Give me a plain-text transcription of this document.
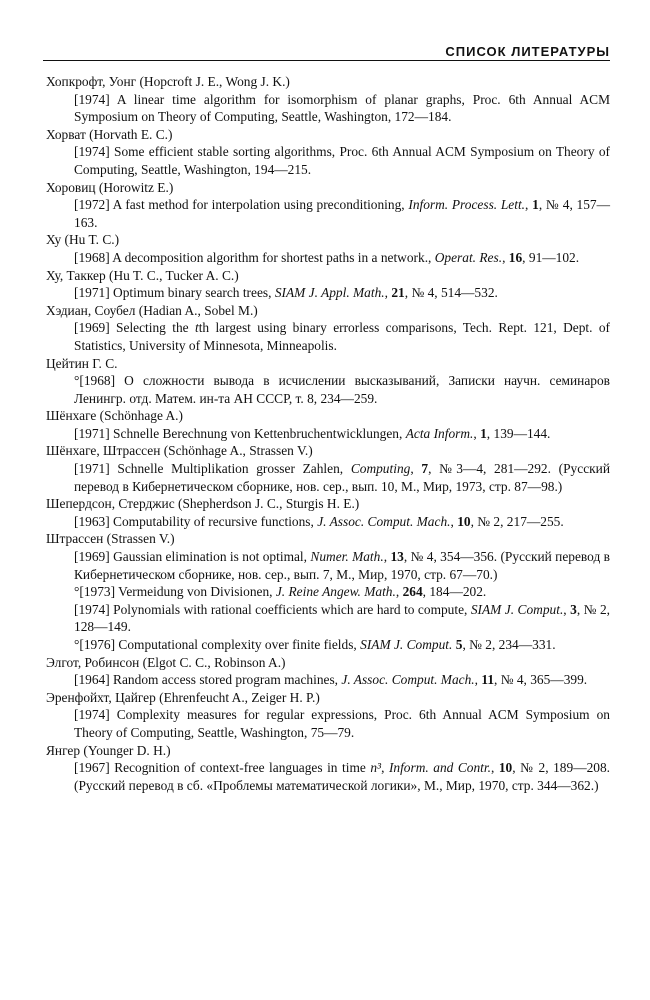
СПИСОК ЛИТЕРАТУРЫ
Хопкрофт, Уонг (Hopcroft J. E., Wong J. K.)
[1974] A linear time algorithm for isomorphism of planar graphs, Proc. 6th Annual ACM Symposium on Theory of Computing, Seattle, Washington, 172—184.
Хорват (Horvath E. C.)
[1974] Some efficient stable sorting algorithms, Proc. 6th Annual ACM Symposium on Theory of Computing, Seattle, Washington, 194—215.
Хоровиц (Horowitz E.)
[1972] A fast method for interpolation using preconditioning, Inform. Process. Lett., 1, № 4, 157—163.
Ху (Hu T. C.)
[1968] A decomposition algorithm for shortest paths in a network., Operat. Res., 16, 91—102.
Ху, Таккер (Hu T. C., Tucker A. C.)
[1971] Optimum binary search trees, SIAM J. Appl. Math., 21, № 4, 514—532.
Хэдиан, Соубел (Hadian A., Sobel M.)
[1969] Selecting the tth largest using binary errorless comparisons, Tech. Rept. 121, Dept. of Statistics, University of Minnesota, Minneapolis.
Цейтин Г. С.
°[1968] О сложности вывода в исчислении высказываний, Записки научн. семинаров Ленингр. отд. Матем. ин-та АН СССР, т. 8, 234—259.
Шёнхаге (Schönhage A.)
[1971] Schnelle Berechnung von Kettenbruchentwicklungen, Acta Inform., 1, 139—144.
Шёнхаге, Штрассен (Schönhage A., Strassen V.)
[1971] Schnelle Multiplikation grosser Zahlen, Computing, 7, №3—4, 281—292. (Русский перевод в Кибернетическом сборнике, нов. сер., вып. 10, М., Мир, 1973, стр. 87—98.)
Шепердсон, Стерджис (Shepherdson J. C., Sturgis H. E.)
[1963] Computability of recursive functions, J. Assoc. Comput. Mach., 10, № 2, 217—255.
Штрассен (Strassen V.)
[1969] Gaussian elimination is not optimal, Numer. Math., 13, № 4, 354—356. (Русский перевод в Кибернетическом сборнике, нов. сер., вып. 7, М., Мир, 1970, стр. 67—70.)
°[1973] Vermeidung von Divisionen, J. Reine Angew. Math., 264, 184—202.
[1974] Polynomials with rational coefficients which are hard to compute, SIAM J. Comput., 3, № 2, 128—149.
°[1976] Computational complexity over finite fields, SIAM J. Comput. 5, № 2, 234—331.
Элгот, Робинсон (Elgot C. C., Robinson A.)
[1964] Random access stored program machines, J. Assoc. Comput. Mach., 11, № 4, 365—399.
Эренфойхт, Цайгер (Ehrenfeucht A., Zeiger H. P.)
[1974] Complexity measures for regular expressions, Proc. 6th Annual ACM Symposium on Theory of Computing, Seattle, Washington, 75—79.
Янгер (Younger D. H.)
[1967] Recognition of context-free languages in time n³, Inform. and Contr., 10, № 2, 189—208. (Русский перевод в сб. «Проблемы математической логики», М., Мир, 1970, стр. 344—362.)
